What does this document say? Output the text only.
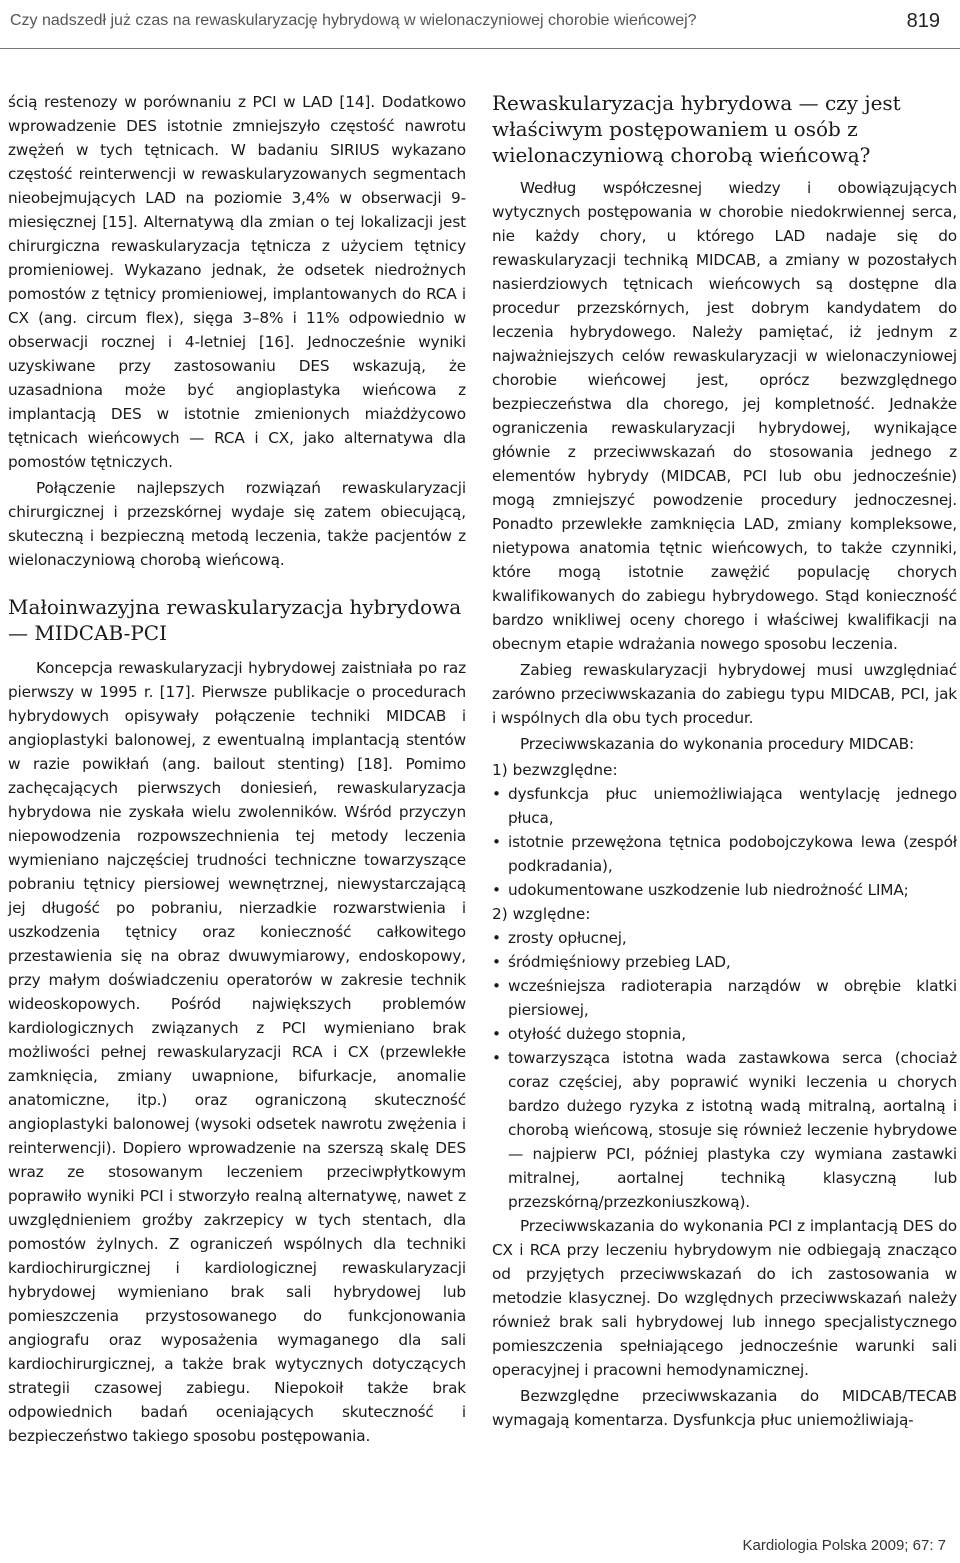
Czy nadszedł już czas na rewaskularyzację hybrydową w wielonaczyniowej chorobie wieńcowej?	819

ścią restenozy w porównaniu z PCI w LAD [14]. Dodatkowo wprowadzenie DES istotnie zmniejszyło częstość nawrotu zwężeń w tych tętnicach. W badaniu SIRIUS wykazano częstość reinterwencji w rewaskularyzowanych segmentach nieobejmujących LAD na poziomie 3,4% w obserwacji 9-miesięcznej [15]. Alternatywą dla zmian o tej lokalizacji jest chirurgiczna rewaskularyzacja tętnicza z użyciem tętnicy promieniowej. Wykazano jednak, że odsetek niedrożnych pomostów z tętnicy promieniowej, implantowanych do RCA i CX (ang. circum flex), sięga 3–8% i 11% odpowiednio w obserwacji rocznej i 4-letniej [16]. Jednocześnie wyniki uzyskiwane przy zastosowaniu DES wskazują, że uzasadniona może być angioplastyka wieńcowa z implantacją DES w istotnie zmienionych miażdżycowo tętnicach wieńcowych — RCA i CX, jako alternatywa dla pomostów tętniczych.

Połączenie najlepszych rozwiązań rewaskularyzacji chirurgicznej i przezskórnej wydaje się zatem obiecującą, skuteczną i bezpieczną metodą leczenia, także pacjentów z wielonaczyniową chorobą wieńcową.

Małoinwazyjna rewaskularyzacja hybrydowa — MIDCAB-PCI

Koncepcja rewaskularyzacji hybrydowej zaistniała po raz pierwszy w 1995 r. [17]. Pierwsze publikacje o procedurach hybrydowych opisywały połączenie techniki MIDCAB i angioplastyki balonowej, z ewentualną implantacją stentów w razie powikłań (ang. bailout stenting) [18]. Pomimo zachęcających pierwszych doniesień, rewaskularyzacja hybrydowa nie zyskała wielu zwolenników. Wśród przyczyn niepowodzenia rozpowszechnienia tej metody leczenia wymieniano najczęściej trudności techniczne towarzyszące pobraniu tętnicy piersiowej wewnętrznej, niewystarczającą jej długość po pobraniu, nierzadkie rozwarstwienia i uszkodzenia tętnicy oraz konieczność całkowitego przestawienia się na obraz dwuwymiarowy, endoskopowy, przy małym doświadczeniu operatorów w zakresie technik wideoskopowych. Pośród największych problemów kardiologicznych związanych z PCI wymieniano brak możliwości pełnej rewaskularyzacji RCA i CX (przewlekłe zamknięcia, zmiany uwapnione, bifurkacje, anomalie anatomiczne, itp.) oraz ograniczoną skuteczność angioplastyki balonowej (wysoki odsetek nawrotu zwężenia i reinterwencji). Dopiero wprowadzenie na szerszą skalę DES wraz ze stosowanym leczeniem przeciwpłytkowym poprawiło wyniki PCI i stworzyło realną alternatywę, nawet z uwzględnieniem groźby zakrzepicy w tych stentach, dla pomostów żylnych. Z ograniczeń wspólnych dla techniki kardiochirurgicznej i kardiologicznej rewaskularyzacji hybrydowej wymieniano brak sali hybrydowej lub pomieszczenia przystosowanego do funkcjonowania angiografu oraz wyposażenia wymaganego dla sali kardiochirurgicznej, a także brak wytycznych dotyczących strategii czasowej zabiegu. Niepokoił także brak odpowiednich badań oceniających skuteczność i bezpieczeństwo takiego sposobu postępowania.

Rewaskularyzacja hybrydowa — czy jest właściwym postępowaniem u osób z wielonaczyniową chorobą wieńcową?

Według współczesnej wiedzy i obowiązujących wytycznych postępowania w chorobie niedokrwiennej serca, nie każdy chory, u którego LAD nadaje się do rewaskularyzacji techniką MIDCAB, a zmiany w pozostałych nasierdziowych tętnicach wieńcowych są dostępne dla procedur przezskórnych, jest dobrym kandydatem do leczenia hybrydowego. Należy pamiętać, iż jednym z najważniejszych celów rewaskularyzacji w wielonaczyniowej chorobie wieńcowej jest, oprócz bezwzględnego bezpieczeństwa dla chorego, jej kompletność. Jednakże ograniczenia rewaskularyzacji hybrydowej, wynikające głównie z przeciwwskazań do stosowania jednego z elementów hybrydy (MIDCAB, PCI lub obu jednocześnie) mogą zmniejszyć powodzenie procedury jednoczesnej. Ponadto przewlekłe zamknięcia LAD, zmiany kompleksowe, nietypowa anatomia tętnic wieńcowych, to także czynniki, które mogą istotnie zawężić populację chorych kwalifikowanych do zabiegu hybrydowego. Stąd konieczność bardzo wnikliwej oceny chorego i właściwej kwalifikacji na obecnym etapie wdrażania nowego sposobu leczenia.

Zabieg rewaskularyzacji hybrydowej musi uwzględniać zarówno przeciwwskazania do zabiegu typu MIDCAB, PCI, jak i wspólnych dla obu tych procedur.

Przeciwwskazania do wykonania procedury MIDCAB:

1) bezwzględne:

• dysfunkcja płuc uniemożliwiająca wentylację jednego płuca,
• istotnie przewężona tętnica podobojczykowa lewa (zespół podkradania),
• udokumentowane uszkodzenie lub niedrożność LIMA;

2) względne:

• zrosty opłucnej,
• śródmięśniowy przebieg LAD,
• wcześniejsza radioterapia narządów w obrębie klatki piersiowej,
• otyłość dużego stopnia,
• towarzysząca istotna wada zastawkowa serca (chociaż coraz częściej, aby poprawić wyniki leczenia u chorych bardzo dużego ryzyka z istotną wadą mitralną, aortalną i chorobą wieńcową, stosuje się również leczenie hybrydowe — najpierw PCI, później plastyka czy wymiana zastawki mitralnej, aortalnej techniką klasyczną lub przezskórną/przezkoniuszkową).

Przeciwwskazania do wykonania PCI z implantacją DES do CX i RCA przy leczeniu hybrydowym nie odbiegają znacząco od przyjętych przeciwwskazań do ich zastosowania w metodzie klasycznej. Do względnych przeciwwskazań należy również brak sali hybrydowej lub innego specjalistycznego pomieszczenia spełniającego jednocześnie warunki sali operacyjnej i pracowni hemodynamicznej.

Bezwzględne przeciwwskazania do MIDCAB/TECAB wymagają komentarza. Dysfunkcja płuc uniemożliwiają-

Kardiologia Polska 2009; 67: 7
